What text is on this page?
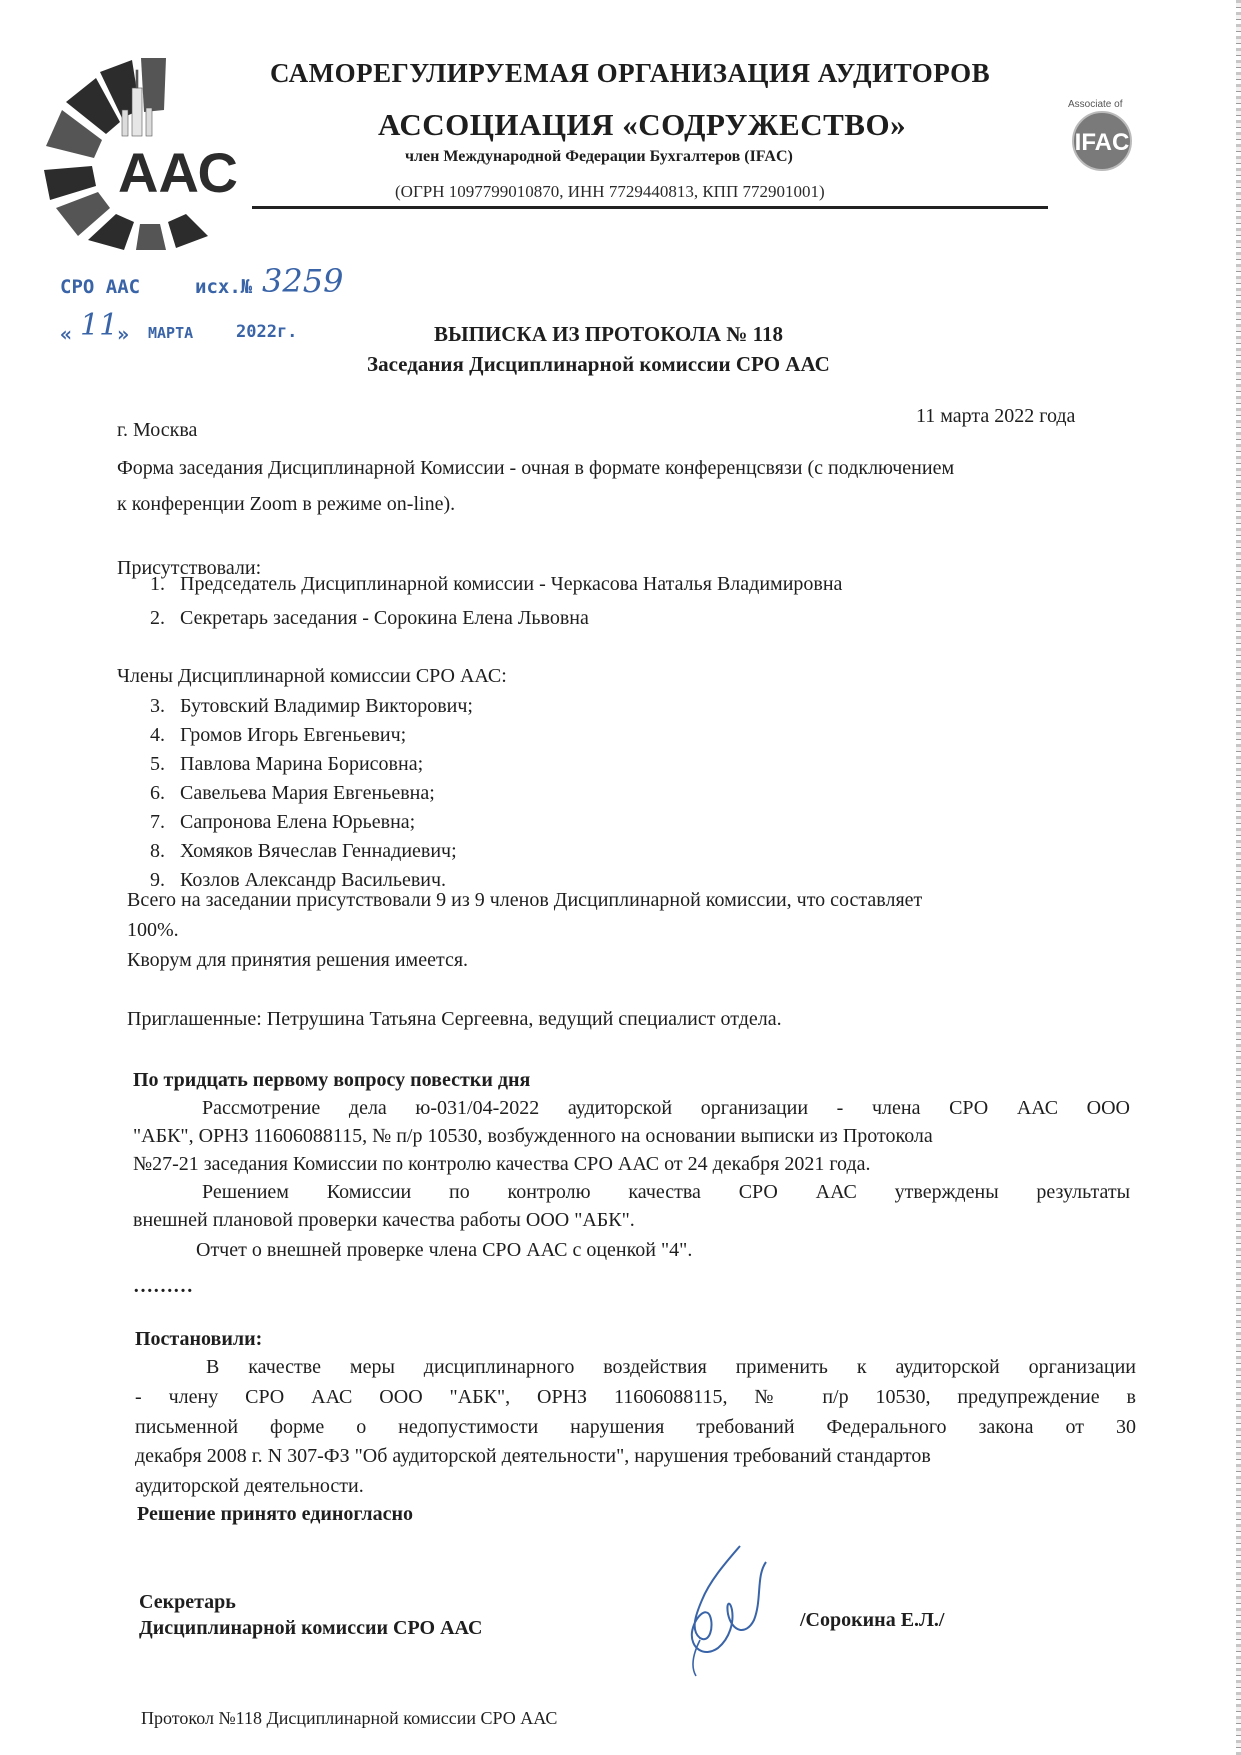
ААС
САМОРЕГУЛИРУЕМАЯ ОРГАНИЗАЦИЯ АУДИТОРОВ
АССОЦИАЦИЯ «СОДРУЖЕСТВО»
член Международной Федерации Бухгалтеров (IFAC)
(ОГРН 1097799010870, ИНН 7729440813, КПП 772901001)
Associate of
IFAC
СРО ААС	исх.№ 3259
« 11
» МАРТА	2022г.	ВЫПИСКА ИЗ ПРОТОКОЛА № 118
Заседания Дисциплинарной комиссии СРО ААС
г. Москва
11 марта 2022 года
Форма заседания Дисциплинарной Комиссии - очная в формате конференцсвязи (с подключением
к конференции Zoom в режиме on-line).
Присутствовали:
1. Председатель Дисциплинарной комиссии - Черкасова Наталья Владимировна
2. Секретарь заседания - Сорокина Елена Львовна
Члены Дисциплинарной комиссии СРО ААС:
3. Бутовский Владимир Викторович;
4. Громов Игорь Евгеньевич;
5. Павлова Марина Борисовна;
6. Савельева Мария Евгеньевна;
7. Сапронова Елена Юрьевна;
8. Хомяков Вячеслав Геннадиевич;
9. Козлов Александр Васильевич.
Всего на заседании присутствовали 9 из 9 членов Дисциплинарной комиссии, что составляет
100%.
Кворум для принятия решения имеется.
Приглашенные: Петрушина Татьяна Сергеевна, ведущий специалист отдела.
По тридцать первому вопросу повестки дня
Рассмотрение дела ю-031/04-2022 аудиторской организации - члена СРО ААС ООО
"АБК", ОРНЗ 11606088115, № п/р 10530, возбужденного на основании выписки из Протокола
№27-21 заседания Комиссии по контролю качества СРО ААС от 24 декабря 2021 года.
Решением Комиссии по контролю качества СРО ААС утверждены результаты
внешней плановой проверки качества работы ООО "АБК".
Отчет о внешней проверке члена СРО ААС с оценкой "4".
………
Постановили:
В качестве меры дисциплинарного воздействия применить к аудиторской организации
- члену СРО ААС ООО "АБК", ОРНЗ 11606088115, № п/р 10530, предупреждение в
письменной форме о недопустимости нарушения требований Федерального закона от 30
декабря 2008 г. N 307-ФЗ "Об аудиторской деятельности", нарушения требований стандартов
аудиторской деятельности.
Решение принято единогласно
Секретарь
Дисциплинарной комиссии СРО ААС	/Сорокина Е.Л./
Протокол №118 Дисциплинарной комиссии СРО ААС
